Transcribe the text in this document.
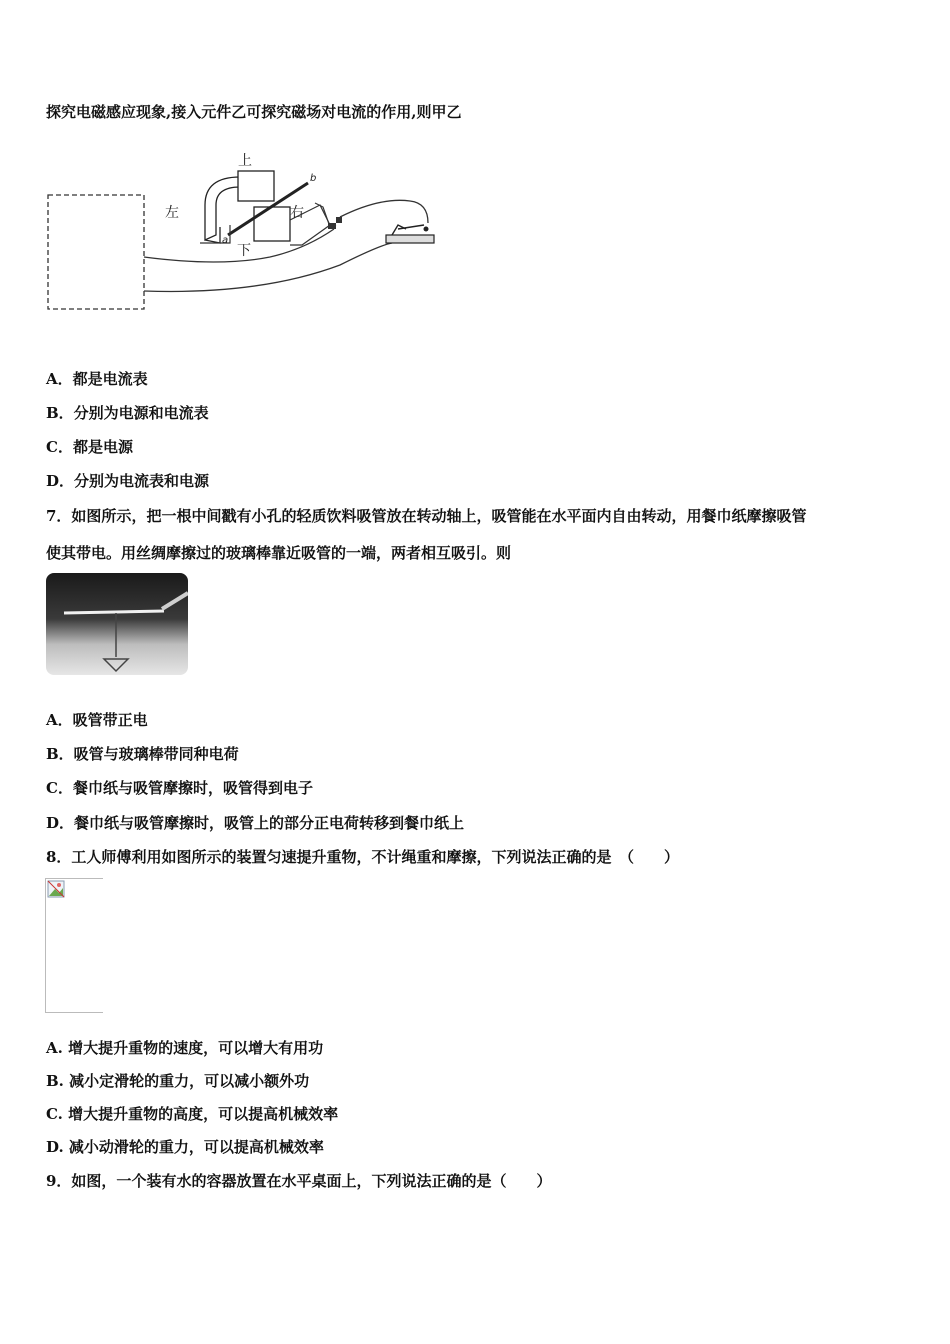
探究电磁感应现象,接入元件乙可探究磁场对电流的作用,则甲乙
上
下
左	右
a
b
A．都是电流表
B．分别为电源和电流表
C．都是电源
D．分别为电流表和电源
7．如图所示，把一根中间戳有小孔的轻质饮料吸管放在转动轴上，吸管能在水平面内自由转动，用餐巾纸摩擦吸管
使其带电。用丝绸摩擦过的玻璃棒靠近吸管的一端，两者相互吸引。则
A．吸管带正电
B．吸管与玻璃棒带同种电荷
C．餐巾纸与吸管摩擦时，吸管得到电子
D．餐巾纸与吸管摩擦时，吸管上的部分正电荷转移到餐巾纸上
8．工人师傅利用如图所示的装置匀速提升重物，不计绳重和摩擦，下列说法正确的是　（　　）
A. 增大提升重物的速度，可以增大有用功
B. 减小定滑轮的重力，可以减小额外功
C. 增大提升重物的高度，可以提高机械效率
D. 减小动滑轮的重力，可以提高机械效率
9．如图，一个装有水的容器放置在水平桌面上，下列说法正确的是（　　）
